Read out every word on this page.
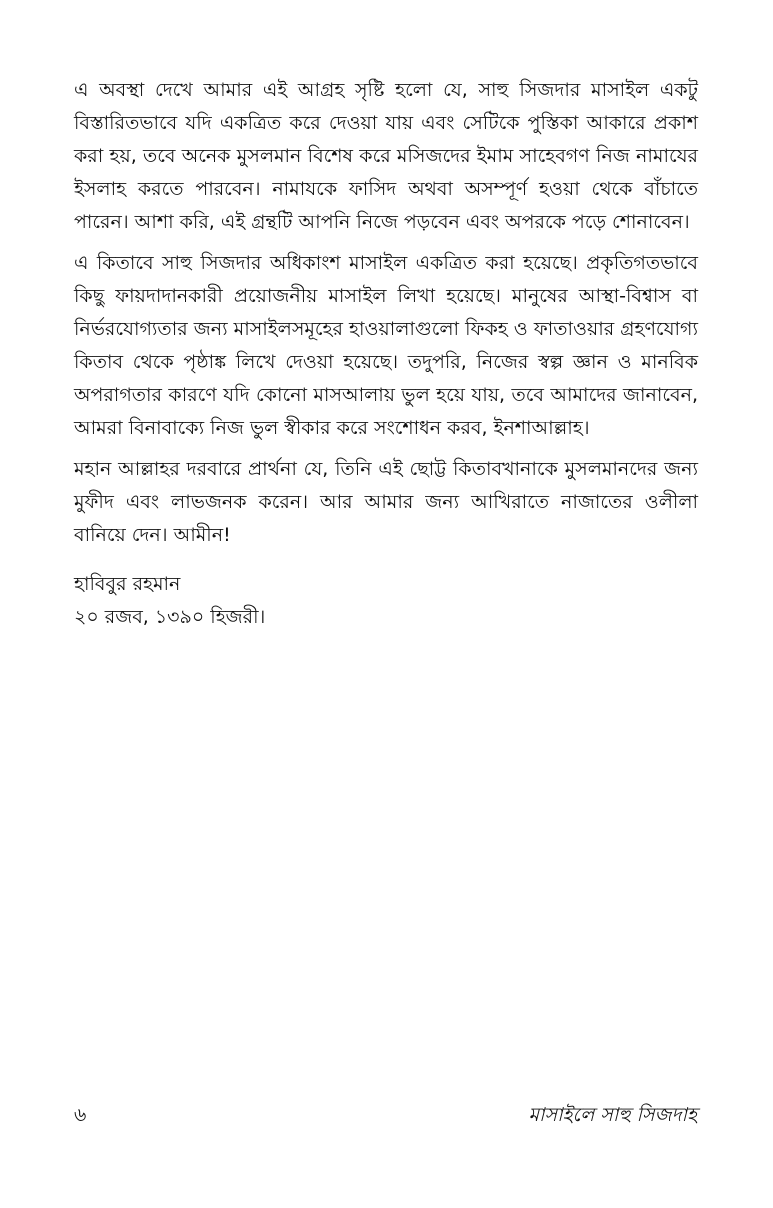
এ অবস্থা দেখে আমার এই আগ্রহ সৃষ্টি হলো যে, সাহু সিজদার মাসাইল একটু বিস্তারিতভাবে যদি একত্রিত করে দেওয়া যায় এবং সেটিকে পুস্তিকা আকারে প্রকাশ করা হয়, তবে অনেক মুসলমান বিশেষ করে মসিজদের ইমাম সাহেবগণ নিজ নামাযের ইসলাহ করতে পারবেন। নামাযকে ফাসিদ অথবা অসম্পূর্ণ হওয়া থেকে বাঁচাতে পারেন। আশা করি, এই গ্রন্থটি আপনি নিজে পড়বেন এবং অপরকে পড়ে শোনাবেন।

এ কিতাবে সাহু সিজদার অধিকাংশ মাসাইল একত্রিত করা হয়েছে। প্রকৃতিগতভাবে কিছু ফায়দাদানকারী প্রয়োজনীয় মাসাইল লিখা হয়েছে। মানুষের আস্থা-বিশ্বাস বা নির্ভরযোগ্যতার জন্য মাসাইলসমূহের হাওয়ালাগুলো ফিকহ ও ফাতাওয়ার গ্রহণযোগ্য কিতাব থেকে পৃষ্ঠাঙ্ক লিখে দেওয়া হয়েছে। তদুপরি, নিজের স্বল্প জ্ঞান ও মানবিক অপরাগতার কারণে যদি কোনো মাসআলায় ভুল হয়ে যায়, তবে আমাদের জানাবেন, আমরা বিনাবাক্যে নিজ ভুল স্বীকার করে সংশোধন করব, ইনশাআল্লাহ।

মহান আল্লাহর দরবারে প্রার্থনা যে, তিনি এই ছোট্ট কিতাবখানাকে মুসলমানদের জন্য মুফীদ এবং লাভজনক করেন। আর আমার জন্য আখিরাতে নাজাতের ওলীলা বানিয়ে দেন। আমীন!

হাবিবুর রহমান
২০ রজব, ১৩৯০ হিজরী।
৬	মাসাইলে সাহু সিজদাহ
